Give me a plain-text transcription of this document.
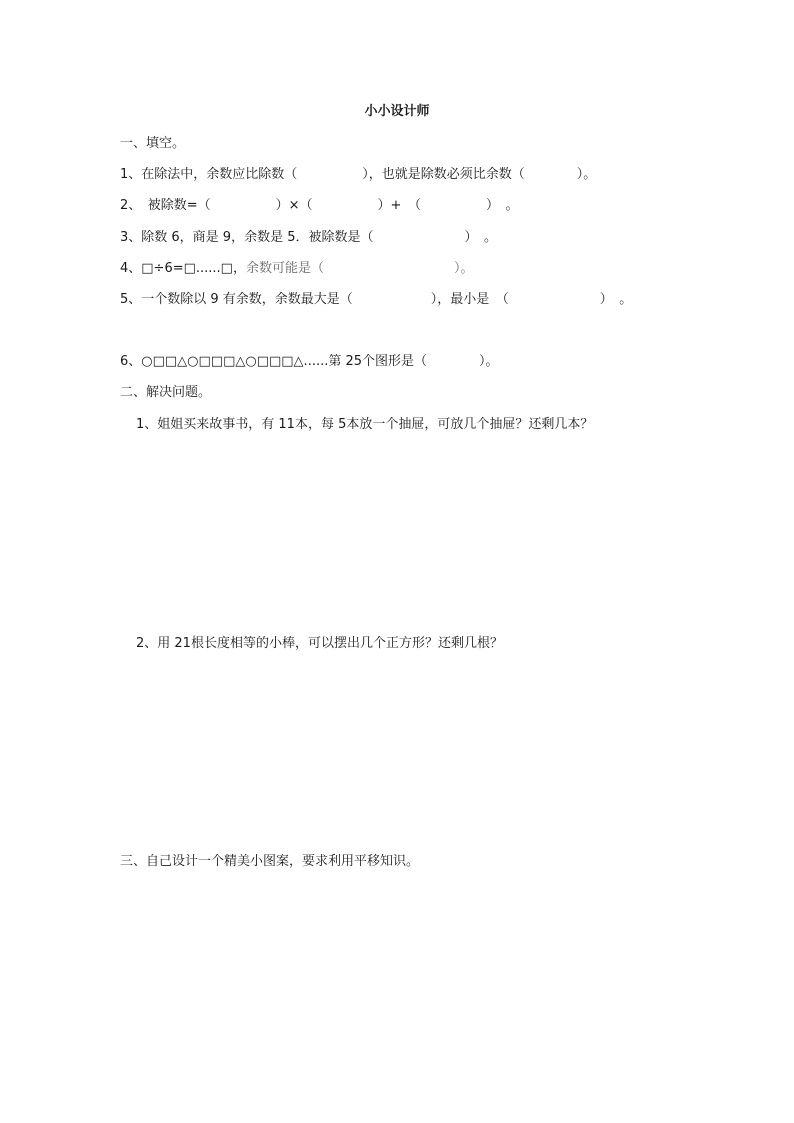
小小设计师
一、填空。
1、在除法中，余数应比除数（　　　　　），也就是除数必须比余数（　　　　）。
2、　被除数=（　　　　　）×（　　　　　）+　（　　　　　）　。
3、除数 6，商是 9，余数是 5．被除数是（　　　　　　　）　。
4、□÷6=□......□，余数可能是（　　　　　　　　　　）。
5、一个数除以 9 有余数，余数最大是（　　　　　　），最小是　（　　　　　　　）　。
6、○□□△○□□□△○□□□△......第 25个图形是（　　　　）。
二、解决问题。
1、姐姐买来故事书，有 11本，每 5本放一个抽屉，可放几个抽屉？还剩几本？
2、用 21根长度相等的小棒，可以摆出几个正方形？还剩几根？
三、自己设计一个精美小图案，要求利用平移知识。
